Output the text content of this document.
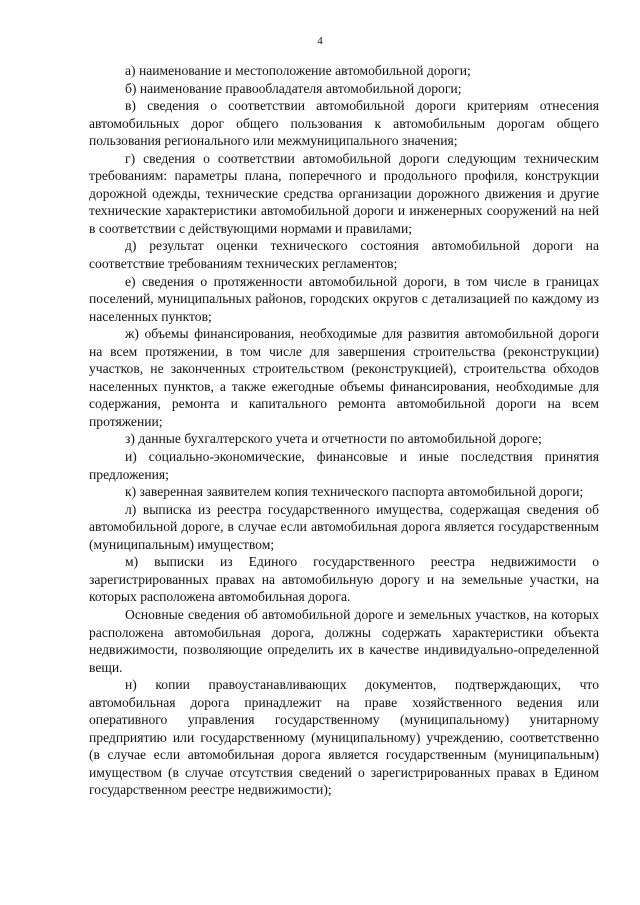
4

а) наименование и местоположение автомобильной дороги;

б) наименование правообладателя автомобильной дороги;

в) сведения о соответствии автомобильной дороги критериям отнесения автомобильных дорог общего пользования к автомобильным дорогам общего пользования регионального или межмуниципального значения;

г) сведения о соответствии автомобильной дороги следующим техническим требованиям: параметры плана, поперечного и продольного профиля, конструкции дорожной одежды, технические средства организации дорожного движения и другие технические характеристики автомобильной дороги и инженерных сооружений на ней в соответствии с действующими нормами и правилами;

д) результат оценки технического состояния автомобильной дороги на соответствие требованиям технических регламентов;

е) сведения о протяженности автомобильной дороги, в том числе в границах поселений, муниципальных районов, городских округов с детализацией по каждому из населенных пунктов;

ж) объемы финансирования, необходимые для развития автомобильной дороги на всем протяжении, в том числе для завершения строительства (реконструкции) участков, не законченных строительством (реконструкцией), строительства обходов населенных пунктов, а также ежегодные объемы финансирования, необходимые для содержания, ремонта и капитального ремонта автомобильной дороги на всем протяжении;

з) данные бухгалтерского учета и отчетности по автомобильной дороге;

и) социально-экономические, финансовые и иные последствия принятия предложения;

к) заверенная заявителем копия технического паспорта автомобильной дороги;

л) выписка из реестра государственного имущества, содержащая сведения об автомобильной дороге, в случае если автомобильная дорога является государственным (муниципальным) имуществом;

м) выписки из Единого государственного реестра недвижимости о зарегистрированных правах на автомобильную дорогу и на земельные участки, на которых расположена автомобильная дорога.

Основные сведения об автомобильной дороге и земельных участков, на которых расположена автомобильная дорога, должны содержать характеристики объекта недвижимости, позволяющие определить их в качестве индивидуально-определенной вещи.

н) копии правоустанавливающих документов, подтверждающих, что автомобильная дорога принадлежит на праве хозяйственного ведения или оперативного управления государственному (муниципальному) унитарному предприятию или государственному (муниципальному) учреждению, соответственно (в случае если автомобильная дорога является государственным (муниципальным) имуществом (в случае отсутствия сведений о зарегистрированных правах в Едином государственном реестре недвижимости);
